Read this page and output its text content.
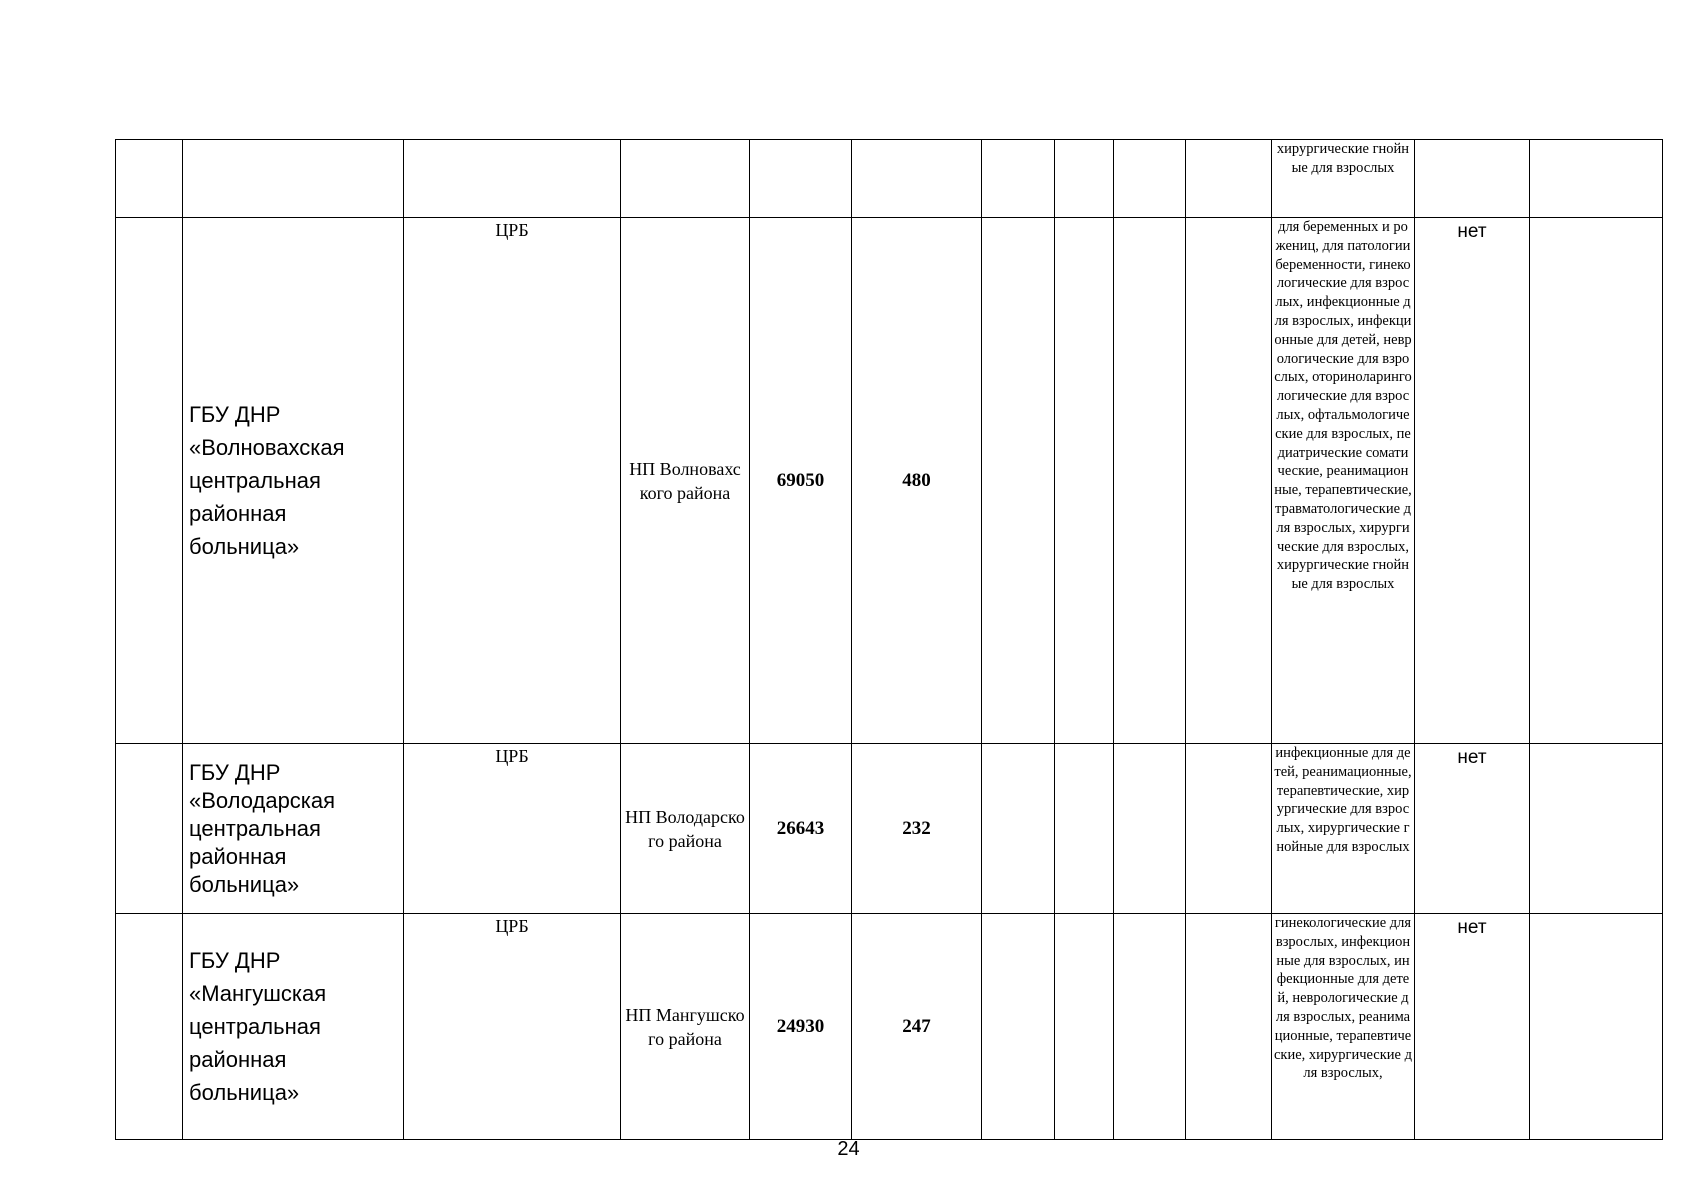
										хирургические гнойные для взрослых		

	ГБУ ДНР «Волновахская центральная районная больница»	ЦРБ	НП Волновахского района	69050	480					для беременных и рожениц, для патологии беременности, гинекологические для взрослых, инфекционные для взрослых, инфекционные для детей, неврологические для взрослых, оториноларингологические для взрослых, офтальмологические для взрослых, педиатрические соматические, реанимационные, терапевтические, травматологические для взрослых, хирургические для взрослых, хирургические гнойные для взрослых	нет	

	ГБУ ДНР «Володарская центральная районная больница»	ЦРБ	НП Володарского района	26643	232					инфекционные для детей, реанимационные, терапевтические, хирургические для взрослых, хирургические гнойные для взрослых	нет	

	ГБУ ДНР «Мангушская центральная районная больница»	ЦРБ	НП Мангушского района	24930	247					гинекологические для взрослых, инфекционные для взрослых, инфекционные для детей, неврологические для взрослых, реанимационные, терапевтические, хирургические для взрослых,	нет	

24
